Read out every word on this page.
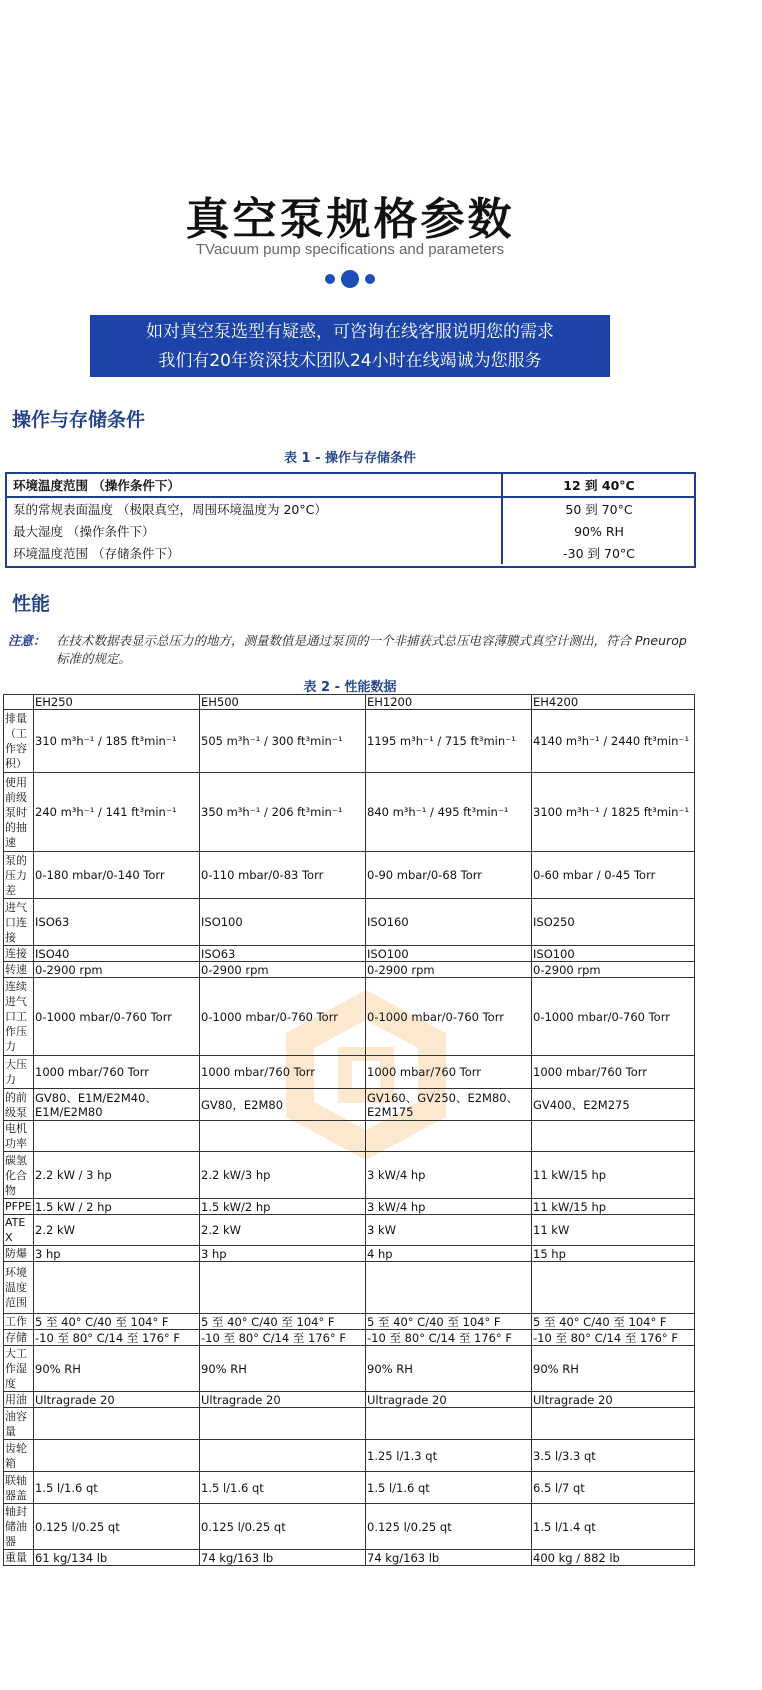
真空泵规格参数
TVacuum pump specifications and parameters
如对真空泵选型有疑惑，可咨询在线客服说明您的需求
我们有20年资深技术团队24小时在线竭诚为您服务
操作与存储条件
表 1 - 操作与存储条件
环境温度范围 （操作条件下）	12 到 40°C
泵的常规表面温度 （极限真空，周围环境温度为 20°C）	50 到 70°C
最大湿度 （操作条件下）	90% RH
环境温度范围 （存储条件下）	-30 到 70°C
性能
注意： 在技术数据表显示总压力的地方，测量数值是通过泵顶的一个非捕获式总压电容薄膜式真空计测出，符合 Pneurop 标准的规定。
表 2 - 性能数据
	EH250	EH500	EH1200	EH4200
排量（工作容积）	310 m³h⁻¹ / 185 ft³min⁻¹	505 m³h⁻¹ / 300 ft³min⁻¹	1195 m³h⁻¹ / 715 ft³min⁻¹	4140 m³h⁻¹ / 2440 ft³min⁻¹
使用前级泵时的抽速	240 m³h⁻¹ / 141 ft³min⁻¹	350 m³h⁻¹ / 206 ft³min⁻¹	840 m³h⁻¹ / 495 ft³min⁻¹	3100 m³h⁻¹ / 1825 ft³min⁻¹
泵的压力差	0-180 mbar/0-140 Torr	0-110 mbar/0-83 Torr	0-90 mbar/0-68 Torr	0-60 mbar / 0-45 Torr
进气口连接	ISO63	ISO100	ISO160	ISO250
连接	ISO40	ISO63	ISO100	ISO100
转速	0-2900 rpm	0-2900 rpm	0-2900 rpm	0-2900 rpm
连续进气口工作压力	0-1000 mbar/0-760 Torr	0-1000 mbar/0-760 Torr	0-1000 mbar/0-760 Torr	0-1000 mbar/0-760 Torr
大压力	1000 mbar/760 Torr	1000 mbar/760 Torr	1000 mbar/760 Torr	1000 mbar/760 Torr
的前级泵	GV80、E1M/E2M40、E1M/E2M80	GV80，E2M80	GV160、GV250、E2M80、E2M175	GV400、E2M275
电机功率				
碳氢化合物	2.2 kW / 3 hp	2.2 kW/3 hp	3 kW/4 hp	11 kW/15 hp
PFPE	1.5 kW / 2 hp	1.5 kW/2 hp	3 kW/4 hp	11 kW/15 hp
ATEX	2.2 kW	2.2 kW	3 kW	11 kW
防爆	3 hp	3 hp	4 hp	15 hp
环境温度范围				
工作	5 至 40° C/40 至 104° F	5 至 40° C/40 至 104° F	5 至 40° C/40 至 104° F	5 至 40° C/40 至 104° F
存储	-10 至 80° C/14 至 176° F	-10 至 80° C/14 至 176° F	-10 至 80° C/14 至 176° F	-10 至 80° C/14 至 176° F
大工作湿度	90% RH	90% RH	90% RH	90% RH
用油	Ultragrade 20	Ultragrade 20	Ultragrade 20	Ultragrade 20
油容量				
齿轮箱			1.25 l/1.3 qt	3.5 l/3.3 qt
联轴器盖	1.5 l/1.6 qt	1.5 l/1.6 qt	1.5 l/1.6 qt	6.5 l/7 qt
轴封储油器	0.125 l/0.25 qt	0.125 l/0.25 qt	0.125 l/0.25 qt	1.5 l/1.4 qt
重量	61 kg/134 lb	74 kg/163 lb	74 kg/163 lb	400 kg / 882 lb
